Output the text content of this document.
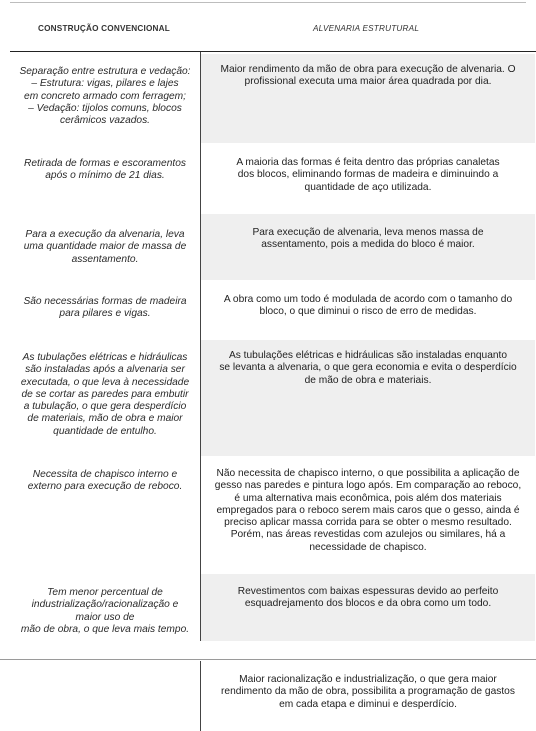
CONSTRUÇÃO CONVENCIONAL	ALVENARIA ESTRUTURAL
Separação entre estrutura e vedação:
– Estrutura: vigas, pilares e lajes
em concreto armado com ferragem;
– Vedação: tijolos comuns, blocos
cerâmicos vazados.
Maior rendimento da mão de obra para execução de alvenaria. O
profissional executa uma maior área quadrada por dia.
Retirada de formas e escoramentos
após o mínimo de 21 dias.
A maioria das formas é feita dentro das próprias canaletas
dos blocos, eliminando formas de madeira e diminuindo a
quantidade de aço utilizada.
Para a execução da alvenaria, leva
uma quantidade maior de massa de
assentamento.
Para execução de alvenaria, leva menos massa de
assentamento, pois a medida do bloco é maior.
São necessárias formas de madeira
para pilares e vigas.
A obra como um todo é modulada de acordo com o tamanho do
bloco, o que diminui o risco de erro de medidas.
As tubulações elétricas e hidráulicas
são instaladas após a alvenaria ser
executada, o que leva à necessidade
de se cortar as paredes para embutir
a tubulação, o que gera desperdício
de materiais, mão de obra e maior
quantidade de entulho.
As tubulações elétricas e hidráulicas são instaladas enquanto
se levanta a alvenaria, o que gera economia e evita o desperdício
de mão de obra e materiais.
Necessita de chapisco interno e
externo para execução de reboco.
Não necessita de chapisco interno, o que possibilita a aplicação de
gesso nas paredes e pintura logo após. Em comparação ao reboco,
é uma alternativa mais econômica, pois além dos materiais
empregados para o reboco serem mais caros que o gesso, ainda é
preciso aplicar massa corrida para se obter o mesmo resultado.
Porém, nas áreas revestidas com azulejos ou similares, há a
necessidade de chapisco.
Tem menor percentual de
industrialização/racionalização e
maior uso de
mão de obra, o que leva mais tempo.
Revestimentos com baixas espessuras devido ao perfeito
esquadrejamento dos blocos e da obra como um todo.
Maior racionalização e industrialização, o que gera maior
rendimento da mão de obra, possibilita a programação de gastos
em cada etapa e diminui e desperdício.
